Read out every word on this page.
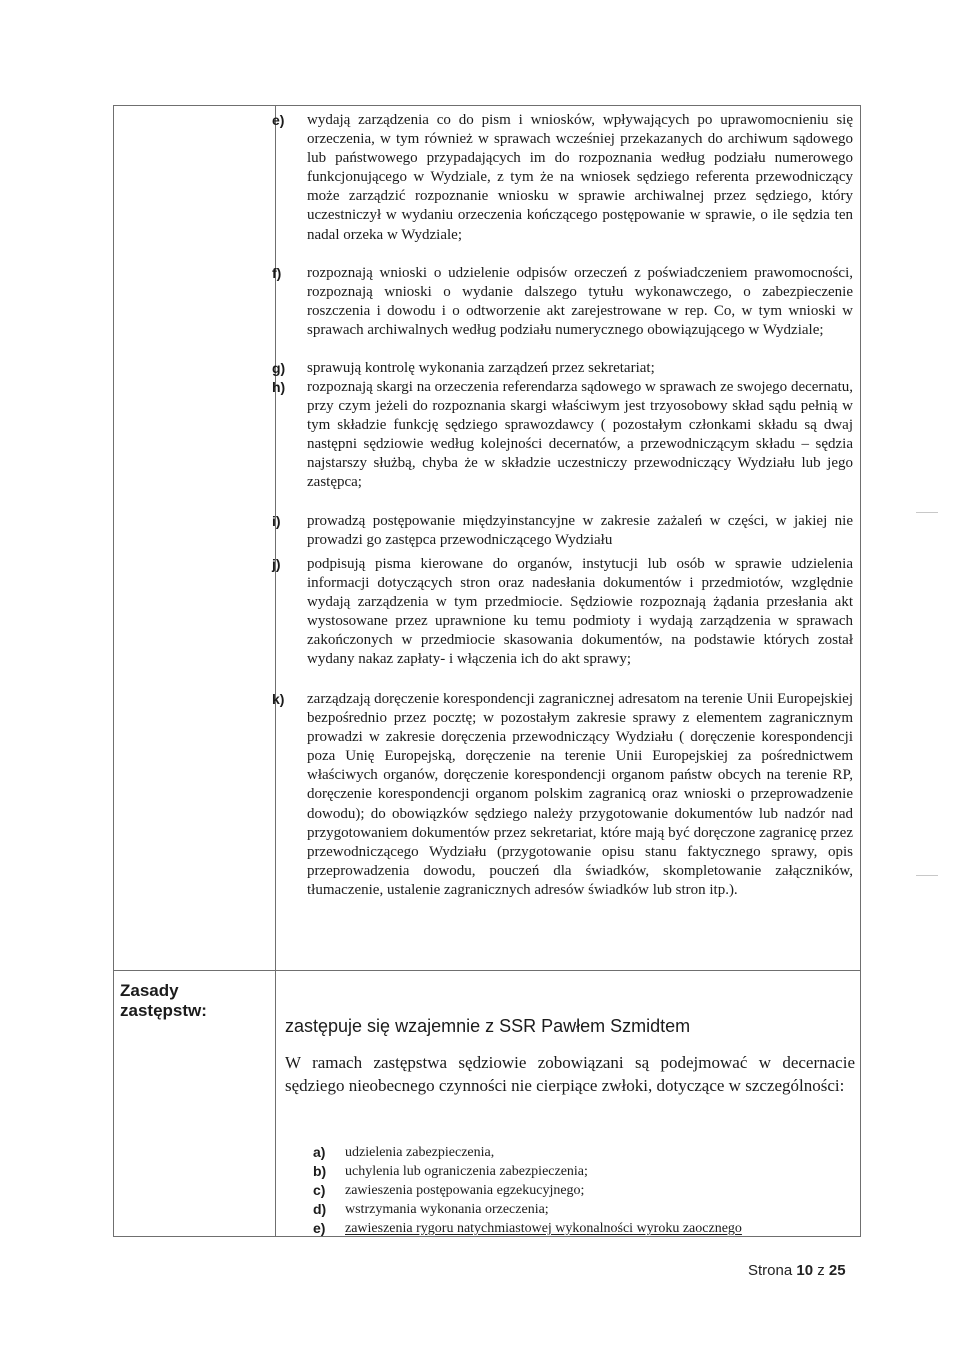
e) wydają zarządzenia co do pism i wniosków, wpływających po uprawomocnieniu się orzeczenia, w tym również w sprawach wcześniej przekazanych do archiwum sądowego lub państwowego przypadających im do rozpoznania według podziału numerowego funkcjonującego w Wydziale, z tym że na wniosek sędziego referenta przewodniczący może zarządzić rozpoznanie wniosku w sprawie archiwalnej przez sędziego, który uczestniczył w wydaniu orzeczenia kończącego postępowanie w sprawie, o ile sędzia ten nadal orzeka w Wydziale;
f) rozpoznają wnioski o udzielenie odpisów orzeczeń z poświadczeniem prawomocności, rozpoznają wnioski o wydanie dalszego tytułu wykonawczego, o zabezpieczenie roszczenia i dowodu i o odtworzenie akt zarejestrowane w rep. Co, w tym wnioski w sprawach archiwalnych według podziału numerycznego obowiązującego w Wydziale;
g) sprawują kontrolę wykonania zarządzeń przez sekretariat;
h) rozpoznają skargi na orzeczenia referendarza sądowego w sprawach ze swojego decernatu, przy czym jeżeli do rozpoznania skargi właściwym jest trzyosobowy skład sądu pełnią w tym składzie funkcję sędziego sprawozdawcy ( pozostałym członkami składu są dwaj następni sędziowie według kolejności decernatów, a przewodniczącym składu – sędzia najstarszy służbą, chyba że w składzie uczestniczy przewodniczący Wydziału lub jego zastępca;
i) prowadzą postępowanie międzyinstancyjne w zakresie zażaleń w części, w jakiej nie prowadzi go zastępca przewodniczącego Wydziału
j) podpisują pisma kierowane do organów, instytucji lub osób w sprawie udzielenia informacji dotyczących stron oraz nadesłania dokumentów i przedmiotów, względnie wydają zarządzenia w tym przedmiocie. Sędziowie rozpoznają żądania przesłania akt wystosowane przez uprawnione ku temu podmioty i wydają zarządzenia w sprawach zakończonych w przedmiocie skasowania dokumentów, na podstawie których został wydany nakaz zapłaty- i włączenia ich do akt sprawy;
k) zarządzają doręczenie korespondencji zagranicznej adresatom na terenie Unii Europejskiej bezpośrednio przez pocztę; w pozostałym zakresie sprawy z elementem zagranicznym prowadzi w zakresie doręczenia przewodniczący Wydziału ( doręczenie korespondencji poza Unię Europejską, doręczenie na terenie Unii Europejskiej za pośrednictwem właściwych organów, doręczenie korespondencji organom państw obcych na terenie RP, doręczenie korespondencji organom polskim zagranicą oraz wnioski o przeprowadzenie dowodu); do obowiązków sędziego należy przygotowanie dokumentów lub nadzór nad przygotowaniem dokumentów przez sekretariat, które mają być doręczone zagranicę przez przewodniczącego Wydziału (przygotowanie opisu stanu faktycznego sprawy, opis przeprowadzenia dowodu, pouczeń dla świadków, skompletowanie załączników, tłumaczenie, ustalenie zagranicznych adresów świadków lub stron itp.).
Zasady zastępstw:
zastępuje się wzajemnie z SSR Pawłem Szmidtem
W ramach zastępstwa sędziowie zobowiązani są podejmować w decernacie sędziego nieobecnego czynności nie cierpiące zwłoki, dotyczące w szczególności:
a) udzielenia zabezpieczenia,
b) uchylenia lub ograniczenia zabezpieczenia;
c) zawieszenia postępowania egzekucyjnego;
d) wstrzymania wykonania orzeczenia;
e) zawieszenia rygoru natychmiastowej wykonalności wyroku zaocznego
Strona 10 z 25
